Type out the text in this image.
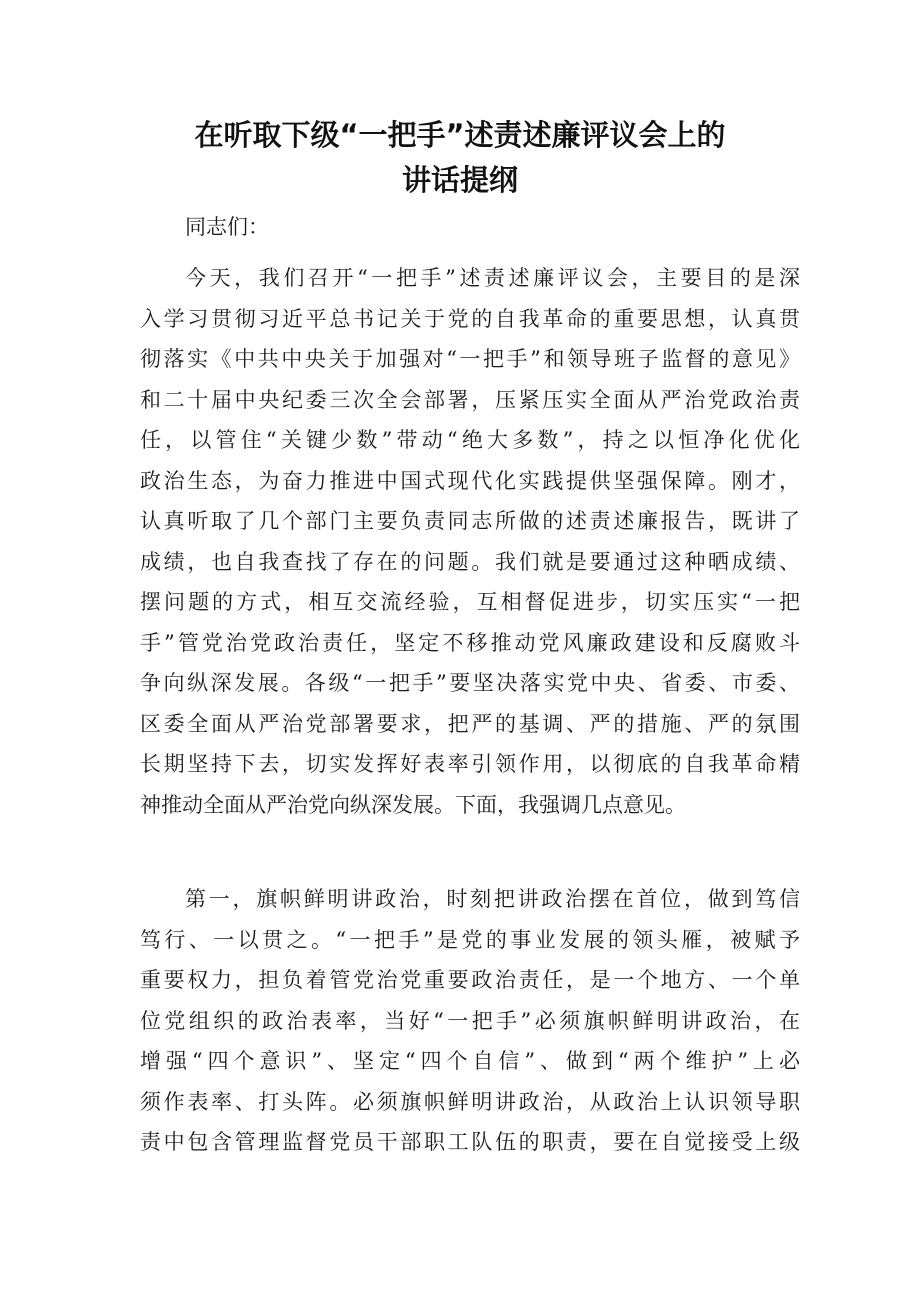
在听取下级“一把手”述责述廉评议会上的
讲话提纲
同志们：
今天，我们召开“一把手”述责述廉评议会，主要目的是深
入学习贯彻习近平总书记关于党的自我革命的重要思想，认真贯
彻落实《中共中央关于加强对“一把手”和领导班子监督的意见》
和二十届中央纪委三次全会部署，压紧压实全面从严治党政治责
任，以管住“关键少数”带动“绝大多数”，持之以恒净化优化
政治生态，为奋力推进中国式现代化实践提供坚强保障。刚才，
认真听取了几个部门主要负责同志所做的述责述廉报告，既讲了
成绩，也自我查找了存在的问题。我们就是要通过这种晒成绩、
摆问题的方式，相互交流经验，互相督促进步，切实压实“一把
手”管党治党政治责任，坚定不移推动党风廉政建设和反腐败斗
争向纵深发展。各级“一把手”要坚决落实党中央、省委、市委、
区委全面从严治党部署要求，把严的基调、严的措施、严的氛围
长期坚持下去，切实发挥好表率引领作用，以彻底的自我革命精
神推动全面从严治党向纵深发展。下面，我强调几点意见。
第一，旗帜鲜明讲政治，时刻把讲政治摆在首位，做到笃信
笃行、一以贯之。“一把手”是党的事业发展的领头雁，被赋予
重要权力，担负着管党治党重要政治责任，是一个地方、一个单
位党组织的政治表率，当好“一把手”必须旗帜鲜明讲政治，在
增强“四个意识”、坚定“四个自信”、做到“两个维护”上必
须作表率、打头阵。必须旗帜鲜明讲政治，从政治上认识领导职
责中包含管理监督党员干部职工队伍的职责，要在自觉接受上级
